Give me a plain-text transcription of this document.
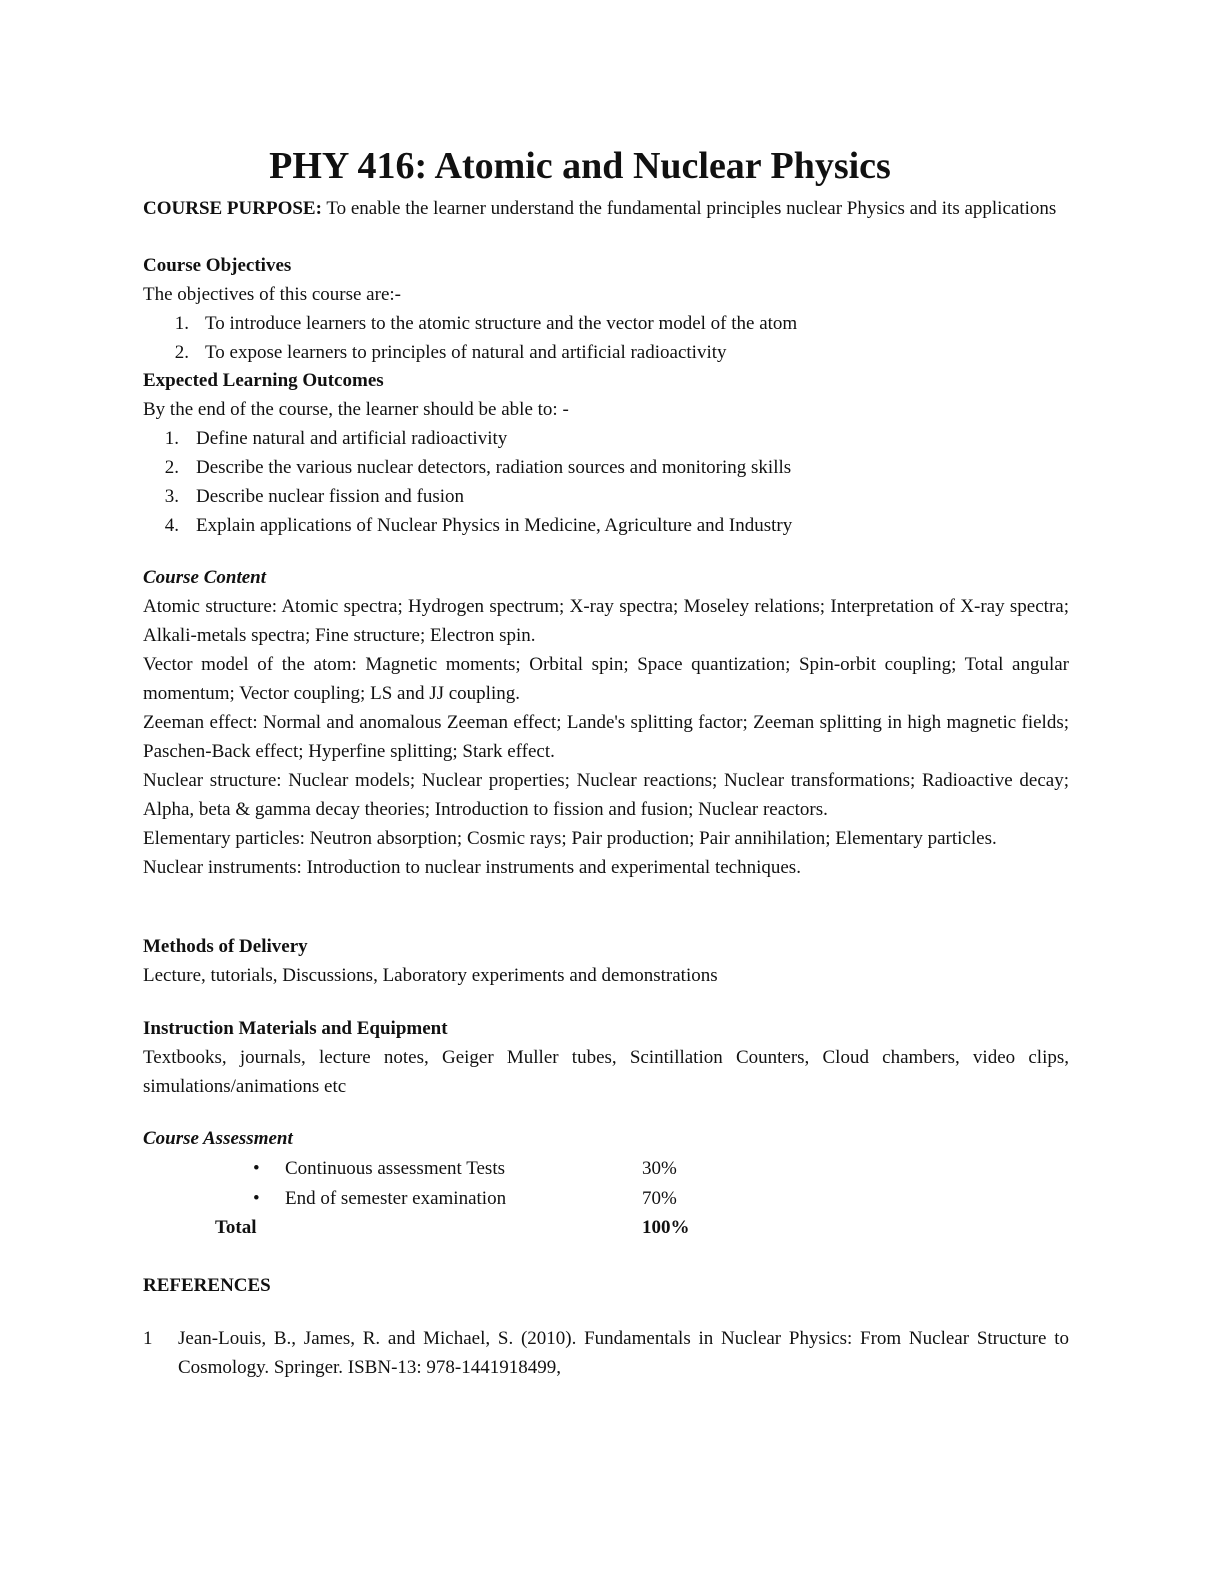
PHY 416: Atomic and Nuclear Physics
COURSE PURPOSE: To enable the learner understand the fundamental principles nuclear Physics and its applications

Course Objectives

The objectives of this course are:-

1. To introduce learners to the atomic structure and the vector model of the atom
2. To expose learners to principles of natural and artificial radioactivity

Expected Learning Outcomes

By the end of the course, the learner should be able to: -

1. Define natural and artificial radioactivity
2. Describe the various nuclear detectors, radiation sources and monitoring skills
3. Describe nuclear fission and fusion
4. Explain applications of Nuclear Physics in Medicine, Agriculture and Industry

Course Content

Atomic structure: Atomic spectra; Hydrogen spectrum; X-ray spectra; Moseley relations; Interpretation of X-ray spectra; Alkali-metals spectra; Fine structure; Electron spin.

Vector model of the atom: Magnetic moments; Orbital spin; Space quantization; Spin-orbit coupling; Total angular momentum; Vector coupling; LS and JJ coupling.

Zeeman effect: Normal and anomalous Zeeman effect; Lande's splitting factor; Zeeman splitting in high magnetic fields; Paschen-Back effect; Hyperfine splitting; Stark effect.

Nuclear structure: Nuclear models; Nuclear properties; Nuclear reactions; Nuclear transformations; Radioactive decay; Alpha, beta & gamma decay theories; Introduction to fission and fusion; Nuclear reactors.

Elementary particles: Neutron absorption; Cosmic rays; Pair production; Pair annihilation; Elementary particles.

Nuclear instruments: Introduction to nuclear instruments and experimental techniques.

Methods of Delivery

Lecture, tutorials, Discussions, Laboratory experiments and demonstrations

Instruction Materials and Equipment

Textbooks, journals, lecture notes, Geiger Muller tubes, Scintillation Counters, Cloud chambers, video clips, simulations/animations etc

Course Assessment

• Continuous assessment Tests	30%
• End of semester examination	70%
Total	100%

REFERENCES

1 Jean-Louis, B., James, R. and Michael, S. (2010). Fundamentals in Nuclear Physics: From Nuclear Structure to Cosmology. Springer. ISBN-13: 978-1441918499,
